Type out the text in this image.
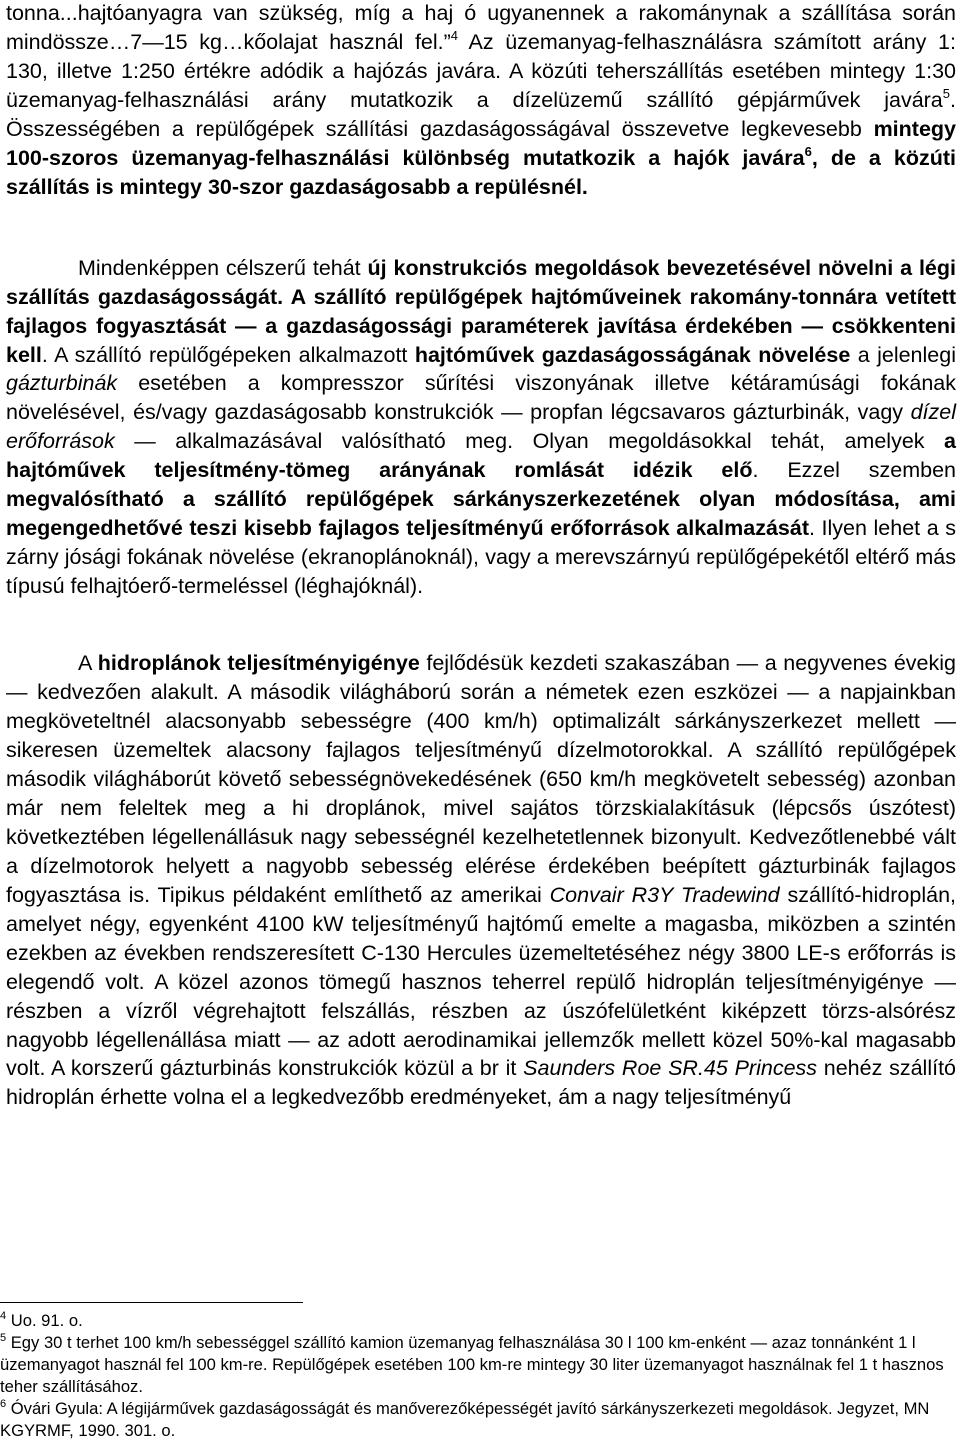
tonna...hajtóanyagra van szükség, míg a haj ó ugyanennek a rakománynak a szállítása során mindössze…7—15 kg…kőolajat használ fel.”$^4$ Az üzemanyag-felhasználásra számított arány 1: 130, illetve 1:250 értékre adódik a hajózás javára. A közúti teherszállítás esetében mintegy 1:30 üzemanyag-felhasználási arány mutatkozik a dízelüzemű szállító gépjárművek javára$^5$. Összességében a repülőgépek szállítási gazdaságosságával összevetve legkevesebb mintegy 100-szoros üzemanyag-felhasználási különbség mutatkozik a hajók javára$^6$, de a közúti szállítás is mintegy 30-szor gazdaságosabb a repülésnél.

Mindenképpen célszerű tehát új konstrukciós megoldások bevezetésével növelni a légi szállítás gazdaságosságát. A szállító repülőgépek hajtóműveinek rakomány-tonnára vetített fajlagos fogyasztását — a gazdaságossági paraméterek javítása érdekében — csökkenteni kell. A szállító repülőgépeken alkalmazott hajtóművek gazdaságosságának növelése a jelenlegi gázturbinák esetében a kompresszor sűrítési viszonyának illetve kétáramúsági fokának növelésével, és/vagy gazdaságosabb konstrukciók — propfan légcsavaros gázturbinák, vagy dízel erőforrások — alkalmazásával valósítható meg. Olyan megoldásokkal tehát, amelyek a hajtóművek teljesítmény-tömeg arányának romlását idézik elő. Ezzel szemben megvalósítható a szállító repülőgépek sárkányszerkezetének olyan módosítása, ami megengedhetővé teszi kisebb fajlagos teljesítményű erőforrások alkalmazását. Ilyen lehet a s zárny jósági fokának növelése (ekranoplánoknál), vagy a merevszárnyú repülőgépekétől eltérő más típusú felhajtóerő-termeléssel (léghajóknál).

A hidroplánok teljesítményigénye fejlődésük kezdeti szakaszában — a negyvenes évekig — kedvezően alakult. A második világháború során a németek ezen eszközei — a napjainkban megköveteltnél alacsonyabb sebességre (400 km/h) optimalizált sárkányszerkezet mellett — sikeresen üzemeltek alacsony fajlagos teljesítményű dízelmotorokkal. A szállító repülőgépek második világháborút követő sebességnövekedésének (650 km/h megkövetelt sebesség) azonban már nem feleltek meg a hi droplánok, mivel sajátos törzskialakításuk (lépcsős úszótest) következtében légellenállásuk nagy sebességnél kezelhetetlennek bizonyult. Kedvezőtlenebbé vált a dízelmotorok helyett a nagyobb sebesség elérése érdekében beépített gázturbinák fajlagos fogyasztása is. Tipikus példaként említhető az amerikai Convair R3Y Tradewind szállító-hidroplán, amelyet négy, egyenként 4100 kW teljesítményű hajtómű emelte a magasba, miközben a szintén ezekben az években rendszeresített C-130 Hercules üzemeltetéséhez négy 3800 LE-s erőforrás is elegendő volt. A közel azonos tömegű hasznos teherrel repülő hidroplán teljesítményigénye — részben a vízről végrehajtott felszállás, részben az úszófelületként kiképzett törzs-alsórész nagyobb légellenállása miatt — az adott aerodinamikai jellemzők mellett közel 50%-kal magasabb volt. A korszerű gázturbinás konstrukciók közül a br it Saunders Roe SR.45 Princess nehéz szállító hidroplán érhette volna el a legkedvezőbb eredményeket, ám a nagy teljesítményű

$^4$ Uo. 91. o.

$^5$ Egy 30 t terhet 100 km/h sebességgel szállító kamion üzemanyag felhasználása 30 l 100 km-enként — azaz tonnánként 1 l üzemanyagot használ fel 100 km-re. Repülőgépek esetében 100 km-re mintegy 30 liter üzemanyagot használnak fel 1 t hasznos teher szállításához.

$^6$ Óvári Gyula: A légijárművek gazdaságosságát és manőverezőképességét javító sárkányszerkezeti megoldások. Jegyzet, MN KGYRMF, 1990. 301. o.
